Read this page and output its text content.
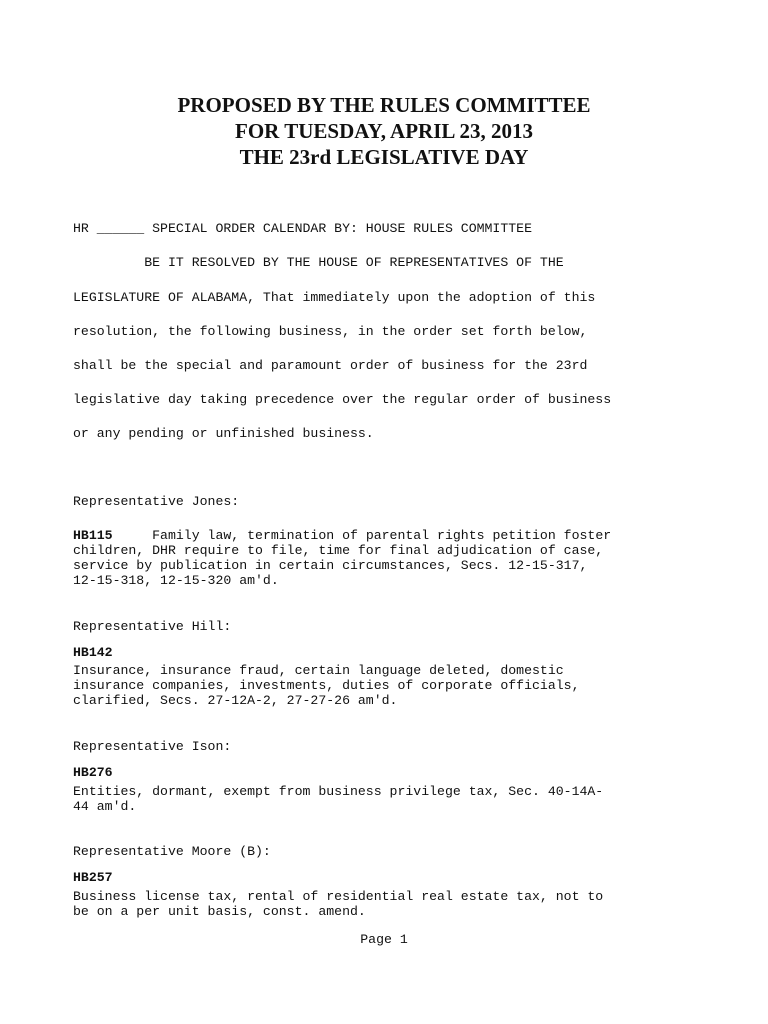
PROPOSED BY THE RULES COMMITTEE
FOR TUESDAY, APRIL 23, 2013
THE 23rd LEGISLATIVE DAY
HR ______ SPECIAL ORDER CALENDAR BY: HOUSE RULES COMMITTEE
BE IT RESOLVED BY THE HOUSE OF REPRESENTATIVES OF THE
LEGISLATURE OF ALABAMA, That immediately upon the adoption of this
resolution, the following business, in the order set forth below,
shall be the special and paramount order of business for the 23rd
legislative day taking precedence over the regular order of business
or any pending or unfinished business.
Representative Jones:
HB115     Family law, termination of parental rights petition foster
children, DHR require to file, time for final adjudication of case,
service by publication in certain circumstances, Secs. 12-15-317,
12-15-318, 12-15-320 am'd.
Representative Hill:
HB142
Insurance, insurance fraud, certain language deleted, domestic
insurance companies, investments, duties of corporate officials,
clarified, Secs. 27-12A-2, 27-27-26 am'd.
Representative Ison:
HB276
Entities, dormant, exempt from business privilege tax, Sec. 40-14A-
44 am'd.
Representative Moore (B):
HB257
Business license tax, rental of residential real estate tax, not to
be on a per unit basis, const. amend.
Page 1
